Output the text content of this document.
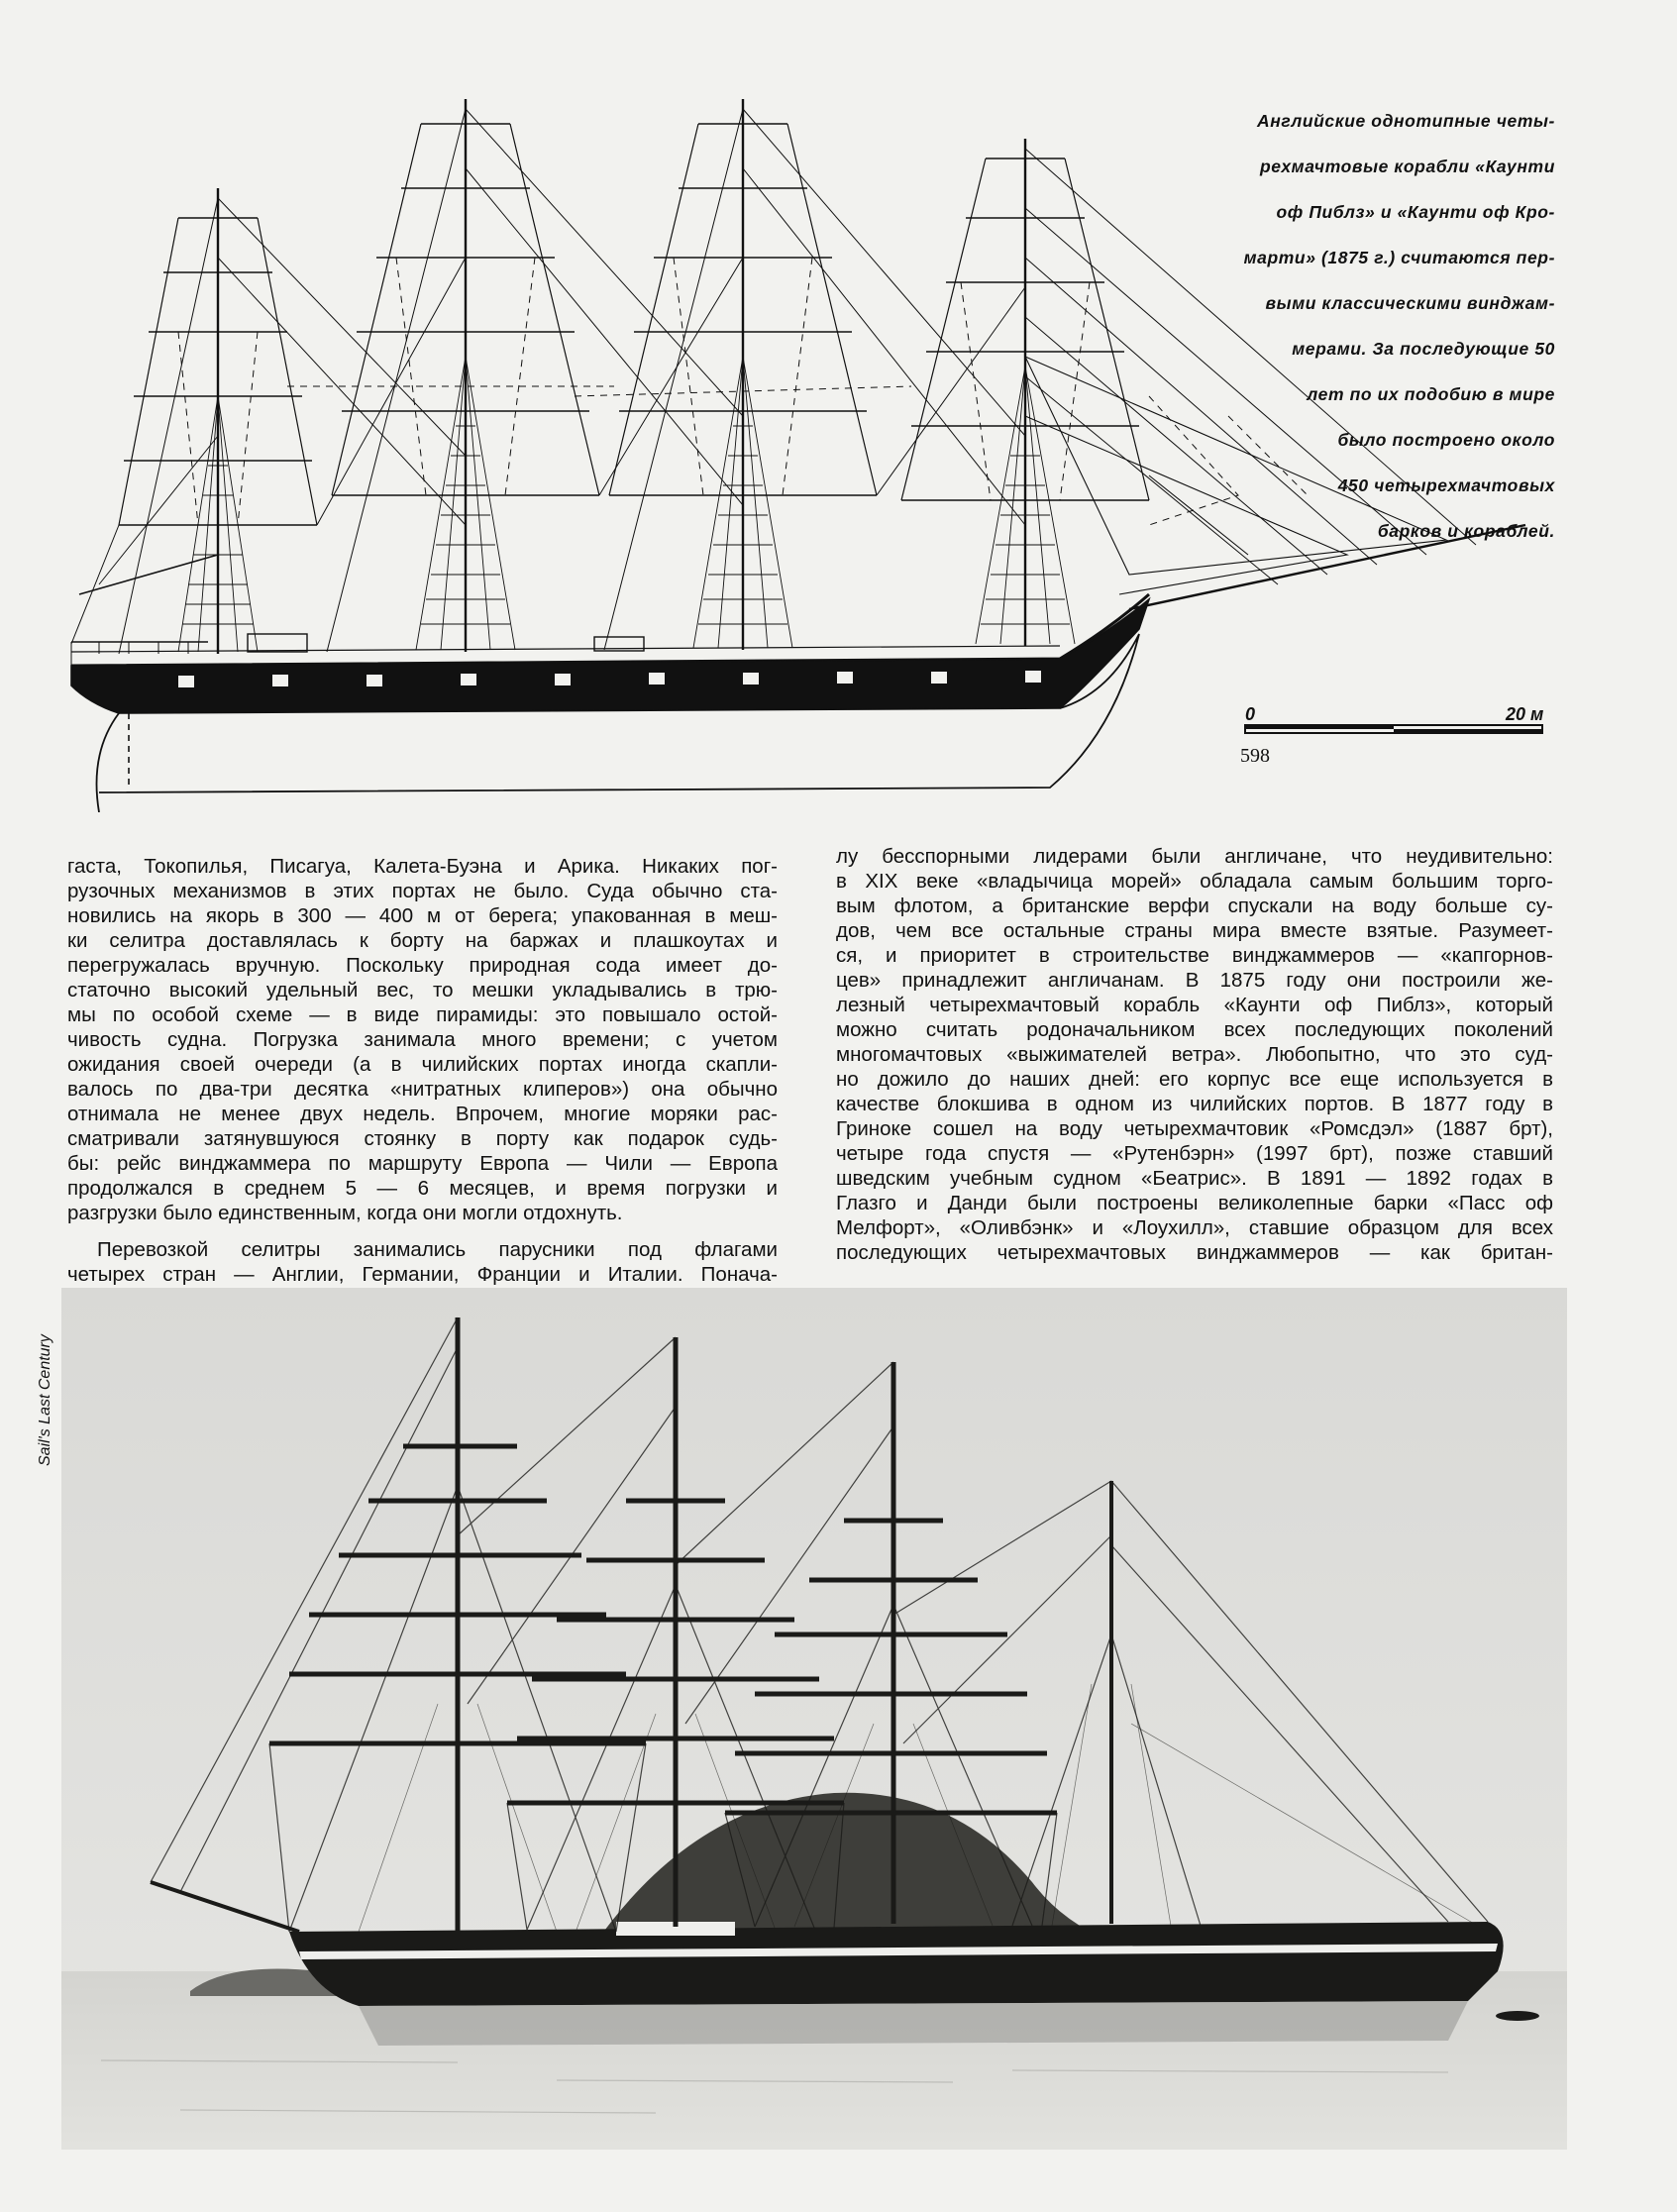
Английские однотипные четы-

рехмачтовые корабли «Каунти

оф Пиблз» и «Каунти оф Кро-

марти» (1875 г.) считаются пер-

выми классическими винджам-

мерами. За последующие 50

лет по их подобию в мире

было построено около

450 четырехмачтовых

барков и кораблей.

0	20 м
598
гаста, Токопилья, Писагуа, Калета-Буэна и Арика. Никаких пог-
рузочных механизмов в этих портах не было. Суда обычно ста-
новились на якорь в 300 — 400 м от берега; упакованная в меш-
ки селитра доставлялась к борту на баржах и плашкоутах и
перегружалась вручную. Поскольку природная сода имеет до-
статочно высокий удельный вес, то мешки укладывались в трю-
мы по особой схеме — в виде пирамиды: это повышало остой-
чивость судна. Погрузка занимала много времени; с учетом
ожидания своей очереди (а в чилийских портах иногда скапли-
валось по два-три десятка «нитратных клиперов») она обычно
отнимала не менее двух недель. Впрочем, многие моряки рас-
сматривали затянувшуюся стоянку в порту как подарок судь-
бы: рейс винджаммера по маршруту Европа — Чили — Европа
продолжался в среднем 5 — 6 месяцев, и время погрузки и
разгрузки было единственным, когда они могли отдохнуть.
Перевозкой селитры занимались парусники под флагами
четырех стран — Англии, Германии, Франции и Италии. Понача-
лу бесспорными лидерами были англичане, что неудивительно:
в XIX веке «владычица морей» обладала самым большим торго-
вым флотом, а британские верфи спускали на воду больше су-
дов, чем все остальные страны мира вместе взятые. Разумеет-
ся, и приоритет в строительстве винджаммеров — «капгорнов-
цев» принадлежит англичанам. В 1875 году они построили же-
лезный четырехмачтовый корабль «Каунти оф Пиблз», который
можно считать родоначальником всех последующих поколений
многомачтовых «выжимателей ветра». Любопытно, что это суд-
но дожило до наших дней: его корпус все еще используется в
качестве блокшива в одном из чилийских портов. В 1877 году в
Гриноке сошел на воду четырехмачтовик «Ромсдэл» (1887 брт),
четыре года спустя — «Рутенбэрн» (1997 брт), позже ставший
шведским учебным судном «Беатрис». В 1891 — 1892 годах в
Глазго и Данди были построены великолепные барки «Пасс оф
Мелфорт», «Оливбэнк» и «Лоухилл», ставшие образцом для всех
последующих четырехмачтовых винджаммеров — как британ-
Sail's Last Century
